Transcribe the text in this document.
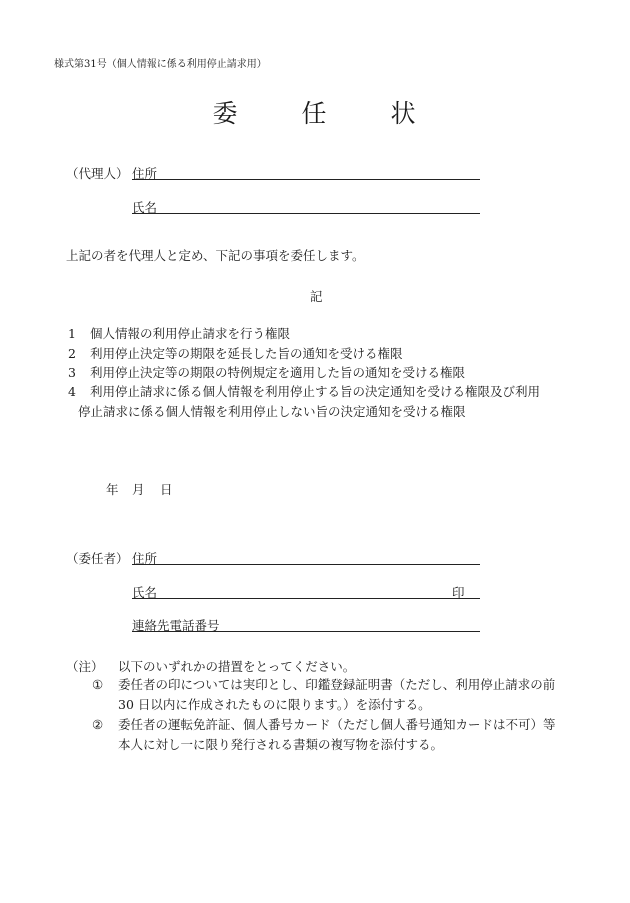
様式第31号（個人情報に係る利用停止請求用）
委 任 状
（代理人） 住所
氏名
上記の者を代理人と定め、下記の事項を委任します。
記
1 個人情報の利用停止請求を行う権限
2 利用停止決定等の期限を延長した旨の通知を受ける権限
3 利用停止決定等の期限の特例規定を適用した旨の通知を受ける権限
4 利用停止請求に係る個人情報を利用停止する旨の決定通知を受ける権限及び利用
停止請求に係る個人情報を利用停止しない旨の決定通知を受ける権限
年 月 日
（委任者） 住所
氏名	印
連絡先電話番号
（注） 以下のいずれかの措置をとってください。
① 委任者の印については実印とし、印鑑登録証明書（ただし、利用停止請求の前
30 日以内に作成されたものに限ります。）を添付する。
② 委任者の運転免許証、個人番号カード（ただし個人番号通知カードは不可）等
本人に対し一に限り発行される書類の複写物を添付する。
